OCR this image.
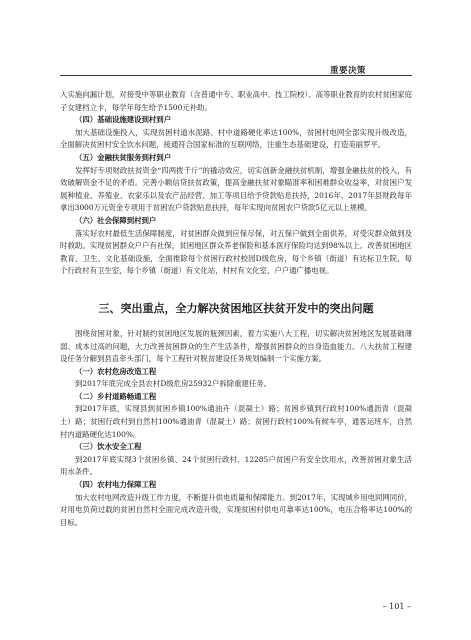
重要决策

入实施向漏计划，对接受中等职业教育（含普通中专、职业高中、技工院校）、高等职业教育的农村贫困家庭子女建档立卡，每学年每生给予1500元补助。

（四）基础设施建设到村到户

加大基础设施投入，实现贫困村道水泥路、村中道路硬化率达100%，贫困村电网全部实现升级改造，全面解决贫困村安全饮水问题，接通符合国家标准的互联网络，注重生态基础建设，打造美丽罗平。

（五）金融扶贫服务到村到户

发挥好专项财政扶贫资金“四两拨千斤”的撬动效应，切实创新金融扶贫机制，增强金融扶贫的投入，有效破解资金不足的矛盾。完善小额信贷扶贫政策，提高金融扶贫对象瞄准率和困难群众收益率，对贫困户发展种植业、养殖业、农家乐以及农产品经营、加工等项目给予贷款贴息扶持，2016年、2017年县财政每年拿出3000万元资金专项用于贫困农户贷款贴息扶持，每年实现向贫困农户贷款5亿元以上规模。

（六）社会保障到村到户

落实好农村最低生活保障制度，对贫困群众做到应保尽保，对五保户做到全面供养，对受灾群众做到及时救助。实现贫困群众户户有社保，贫困地区群众养老保险和基本医疗保险均达到98%以上。改善贫困地区教育、卫生、文化基础设施，全面推除每个贫困行政村校园D级危房，每个乡镇（街道）有达标卫生院，每个行政村有卫生室，每个乡镇（街道）有文化站，村村有文化室，户户通广播电视。

三、突出重点，全力解决贫困地区扶贫开发中的突出问题

围绕贫困对象，针对制约贫困地区发展的瓶颈因素，着力实施八大工程，切实解决贫困地区发展基础薄弱、成本过高的问题，大力改善贫困群众的生产生活条件，增强贫困群众的自身造血能力。八大扶贫工程建设任务分解到县直牵头部门，每个工程针对脱贫建设任务规划编制一个实施方案。

（一）农村危房改造工程

到2017年底完成全县农村D级危房25932户拆除重建任务。

（二）乡村道路畅通工程

到2017年底，实现县到贫困乡镇100%通油卉（混凝土）路；贫困乡镇到行政村100%通沥青（混凝土）路；贫困行政村到自然村100%通油青（混凝土）路；贫困行政村100%有候车亭，通客运班车，自然村内道路硬化达100%。

（三）饮水安全工程

到2017年底实现3个贫困乡镇、24个贫困行政村、12285户贫困户有安全饮用水，改善贫困对象生活用水条件。

（四）农村电力保障工程

加大农村电网改造升级工作力度，不断提升供电质量和保障能力。到2017年，实现城乡用电同网同价，对用电负荷过载的贫困自然村全面完成改造升级，实现贫困村供电可靠率达100%，电压合格率达100%的目标。

– 101 –
